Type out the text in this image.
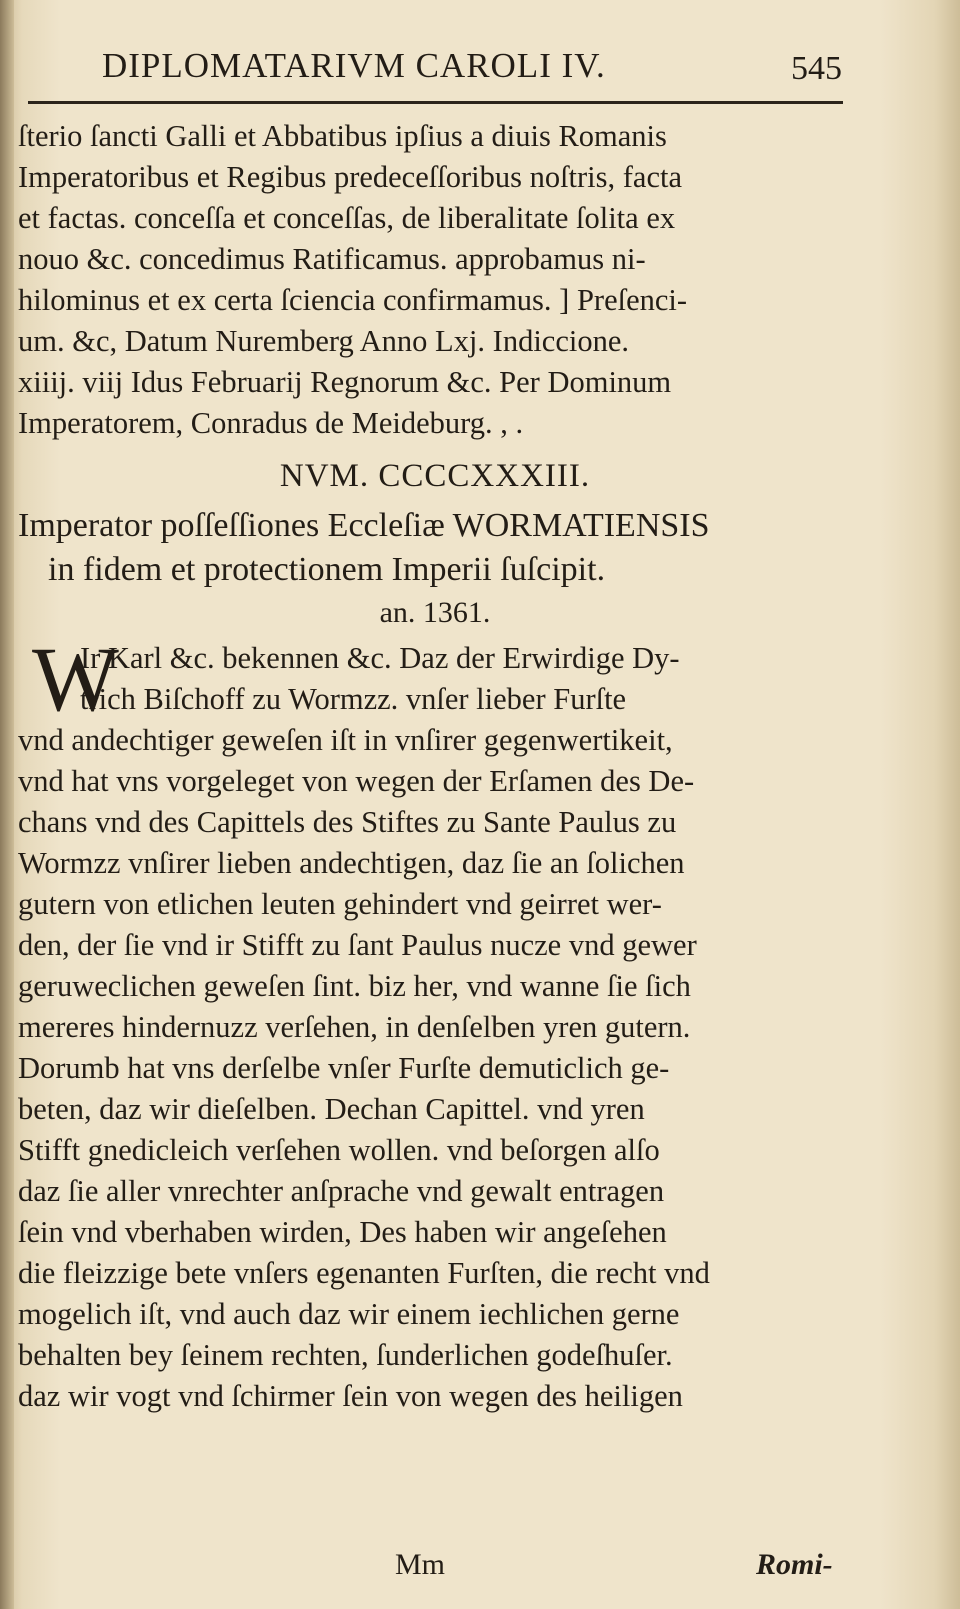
DIPLOMATARIVM CAROLI IV.	545
ſterio ſancti Galli et Abbatibus ipſius a diuis Romanis
Imperatoribus et Regibus predeceſſoribus noſtris, facta
et factas. conceſſa et conceſſas, de liberalitate ſolita ex
nouo &c. concedimus Ratificamus. approbamus ni-
hilominus et ex certa ſciencia confirmamus. ] Preſenci-
um. &c, Datum Nuremberg Anno Lxj. Indiccione.
xiiij. viij Idus Februarij Regnorum &c. Per Dominum
Imperatorem, Conradus de Meideburg. , .
NVM. CCCCXXXIII.
Imperator poſſeſſiones Eccleſiæ WORMATIENSIS
in fidem et protectionem Imperii ſuſcipit.
an. 1361.
W
Ir Karl &c. bekennen &c. Daz der Erwirdige Dy-
trich Biſchoff zu Wormzz. vnſer lieber Furſte
vnd andechtiger geweſen iſt in vnſirer gegenwertikeit,
vnd hat vns vorgeleget von wegen der Erſamen des De-
chans vnd des Capittels des Stiftes zu Sante Paulus zu
Wormzz vnſirer lieben andechtigen, daz ſie an ſolichen
gutern von etlichen leuten gehindert vnd geirret wer-
den, der ſie vnd ir Stifft zu ſant Paulus nucze vnd gewer
geruweclichen geweſen ſint. biz her, vnd wanne ſie ſich
mereres hindernuzz verſehen, in denſelben yren gutern.
Dorumb hat vns derſelbe vnſer Furſte demuticlich ge-
beten, daz wir dieſelben. Dechan Capittel. vnd yren
Stifft gnedicleich verſehen wollen. vnd beſorgen alſo
daz ſie aller vnrechter anſprache vnd gewalt entragen
ſein vnd vberhaben wirden, Des haben wir angeſehen
die fleizzige bete vnſers egenanten Furſten, die recht vnd
mogelich iſt, vnd auch daz wir einem iechlichen gerne
behalten bey ſeinem rechten, ſunderlichen godeſhuſer.
daz wir vogt vnd ſchirmer ſein von wegen des heiligen
Mm	Romi-
